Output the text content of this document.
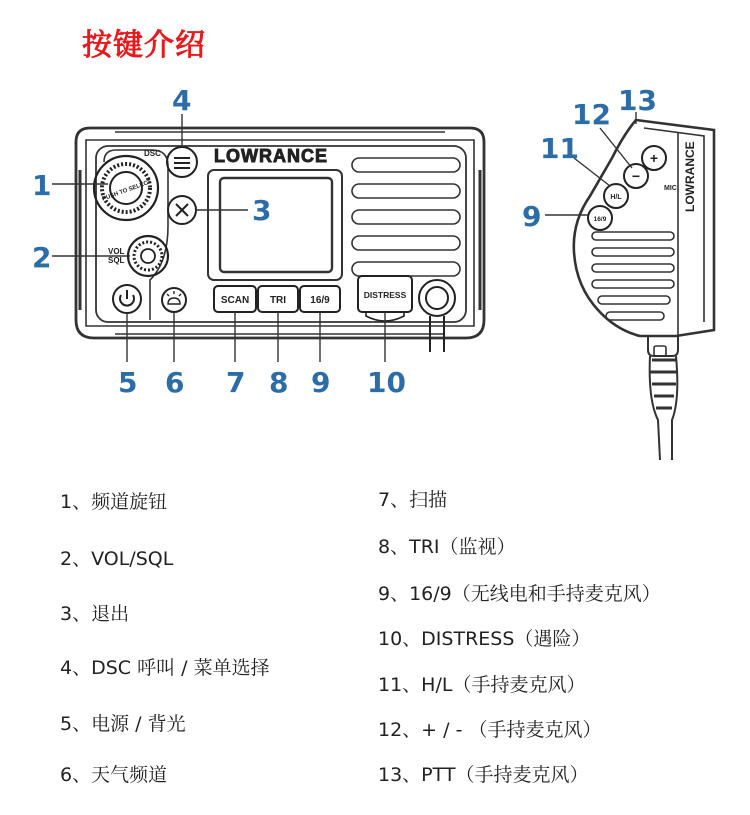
按键介绍
LOWRANCE
DSC
PUSH TO SELECT
VOL
SQL
SCAN TRI 16/9	DISTRESS
1
2
3
4
5 6 7 8 9 10
LOWRANCE
MIC
+
−
H/L
16/9
11
12 13
9
1、频道旋钮
2、VOL/SQL
3、退出
4、DSC 呼叫 / 菜单选择
5、电源 / 背光
6、天气频道
7、扫描
8、TRI（监视）
9、16/9（无线电和手持麦克风）
10、DISTRESS（遇险）
11、H/L（手持麦克风）
12、+ / - （手持麦克风）
13、PTT（手持麦克风）
